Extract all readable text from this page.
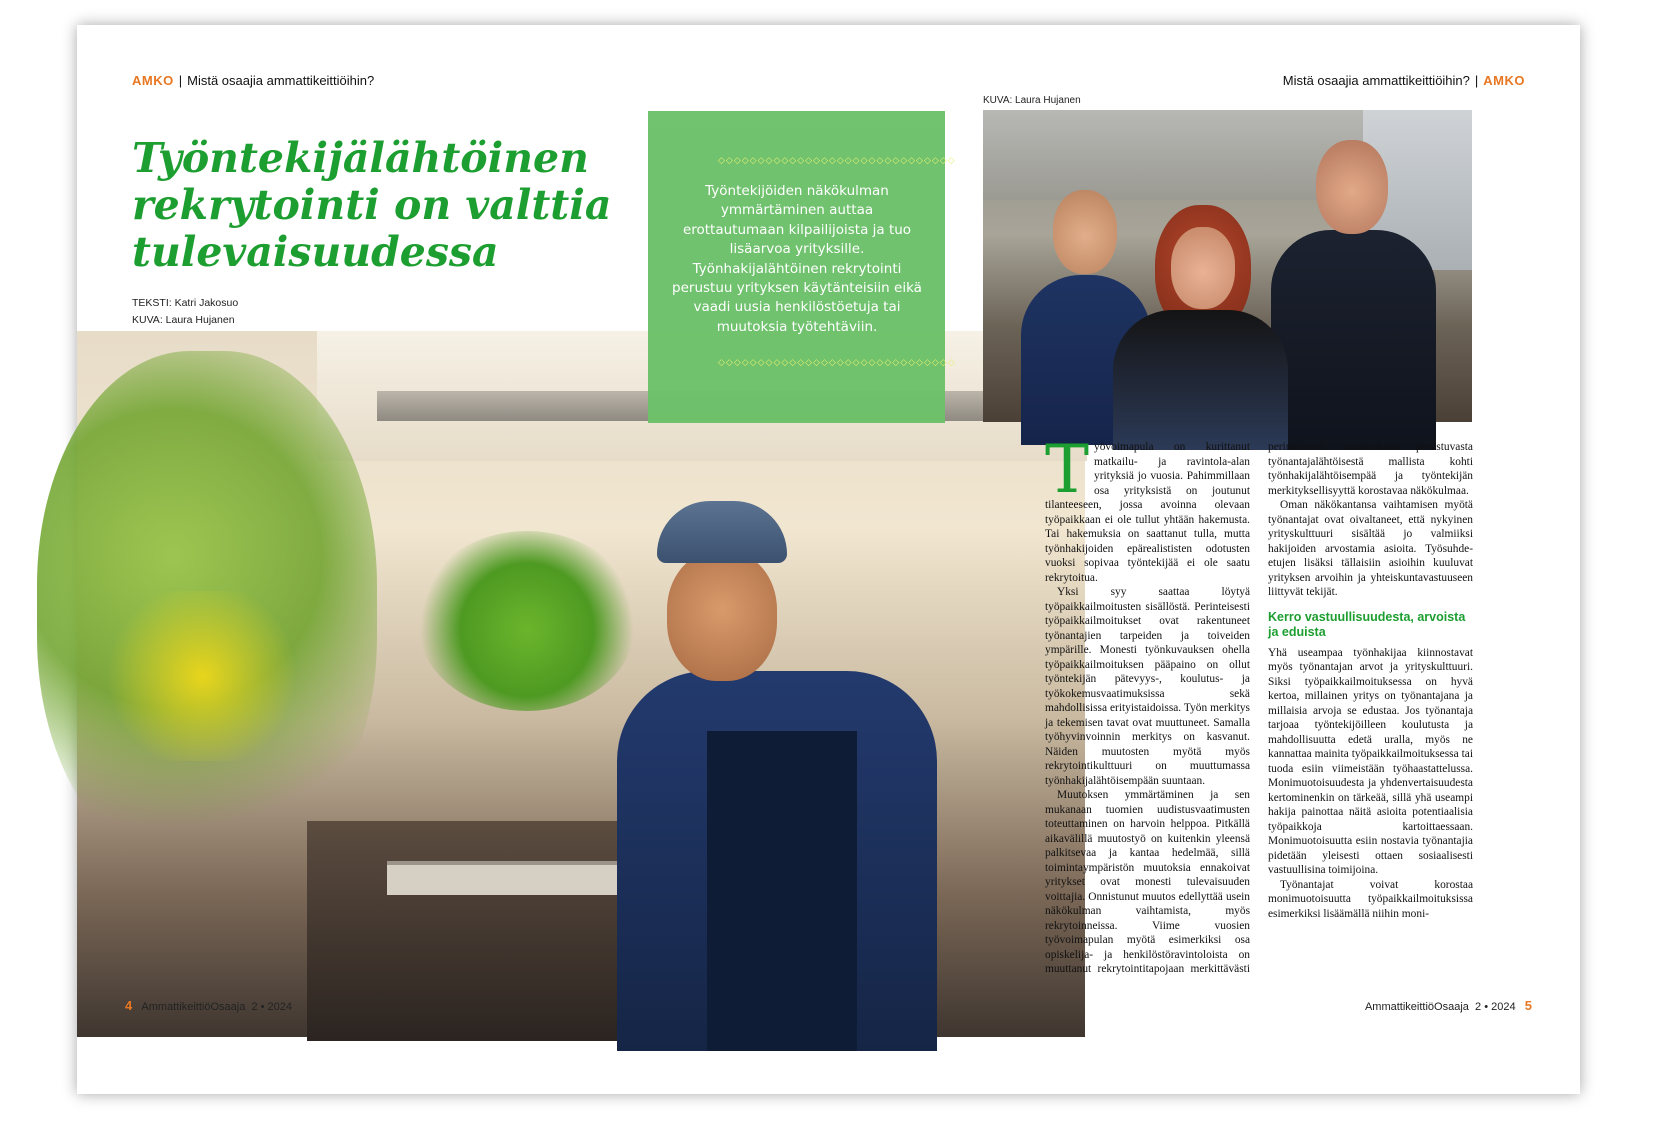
AMKO | Mistä osaajia ammattikeittiöihin?	Mistä osaajia ammattikeittiöihin? | AMKO
Työntekijälähtöinen rekrytointi on valttia tulevaisuudessa
TEKSTI: Katri Jakosuo
KUVA: Laura Hujanen
◇◇◇◇◇◇◇◇◇◇◇◇◇◇◇◇◇◇◇◇◇◇◇◇◇◇◇◇◇◇

Työntekijöiden näkökulman ymmärtäminen auttaa erottautumaan kilpailijoista ja tuo lisäarvoa yrityksille. Työnhakijalähtöinen rekrytointi perustuu yrityksen käytänteisiin eikä vaadi uusia henkilöstöetuja tai muutoksia työtehtäviin.

◇◇◇◇◇◇◇◇◇◇◇◇◇◇◇◇◇◇◇◇◇◇◇◇◇◇◇◇◇◇
KUVA: Laura Hujanen

Työvoimapula on kurittanut matkailu- ja ravintola-alan yrityksiä jo vuosia. Pahimmillaan osa yrityksistä on joutunut tilanteeseen, jossa avoinna olevaan työpaikkaan ei ole tullut yhtään hakemusta. Tai hakemuksia on saattanut tulla, mutta työnhakijoiden epärealististen odotusten vuoksi sopivaa työntekijää ei ole saatu rekrytoitua.

Yksi syy saattaa löytyä työpaikkailmoitusten sisällöstä. Perinteisesti työpaikkailmoitukset ovat rakentuneet työnantajien tarpeiden ja toiveiden ympärille. Monesti työnkuvauksen ohella työpaikkailmoituksen pääpaino on ollut työntekijän pätevyys-, koulutus- ja työkokemusvaatimuksissa sekä mahdollisissa erityistaidoissa. Työn merkitys ja tekemisen tavat ovat muuttuneet. Samalla työhyvinvoinnin merkitys on kasvanut. Näiden muutosten myötä myös rekrytointikulttuuri on muuttumassa työnhakijalähtöisempään suuntaan.

Muutoksen ymmärtäminen ja sen mukanaan tuomien uudistusvaatimusten toteuttaminen on harvoin helppoa. Pitkällä aikavälillä muutostyö on kuitenkin yleensä palkitsevaa ja kantaa hedelmää, sillä toimintaympäristön muutoksia ennakoivat yritykset ovat monesti tulevaisuuden voittajia. Onnistunut muutos edellyttää usein näkökulman vaihtamista, myös rekrytoinneissa. Viime vuosien työvoimapulan myötä esimerkiksi osa opiskelija- ja henkilöstöravintoloista on muuttanut rekrytointitapojaan merkittävästi perinteisestä vaatimuksiin perustuvasta työnantajalähtöisestä mallista kohti työnhakijalähtöisempää ja työntekijän merkityksellisyyttä korostavaa näkökulmaa.

Oman näkökantansa vaihtamisen myötä työnantajat ovat oivaltaneet, että nykyinen yrityskulttuuri sisältää jo valmiiksi hakijoiden arvostamia asioita. Työsuhde-etujen lisäksi tällaisiin asioihin kuuluvat yrityksen arvoihin ja yhteiskuntavastuuseen liittyvät tekijät.

Kerro vastuullisuudesta, arvoista ja eduista

Yhä useampaa työnhakijaa kiinnostavat myös työnantajan arvot ja yrityskulttuuri. Siksi työpaikkailmoituksessa on hyvä kertoa, millainen yritys on työnantajana ja millaisia arvoja se edustaa. Jos työnantaja tarjoaa työntekijöilleen koulutusta ja mahdollisuutta edetä uralla, myös ne kannattaa mainita työpaikkailmoituksessa tai tuoda esiin viimeistään työhaastattelussa. Monimuotoisuudesta ja yhdenvertaisuudesta kertominenkin on tärkeää, sillä yhä useampi hakija painottaa näitä asioita potentiaalisia työpaikkoja kartoittaessaan. Monimuotoisuutta esiin nostavia työnantajia pidetään yleisesti ottaen sosiaalisesti vastuullisina toimijoina.

Työnantajat voivat korostaa monimuotoisuutta työpaikkailmoituksissa esimerkiksi lisäämällä niihin moni-

4 AmmattikeittiöOsaaja 2 • 2024	AmmattikeittiöOsaaja 2 • 2024 5
